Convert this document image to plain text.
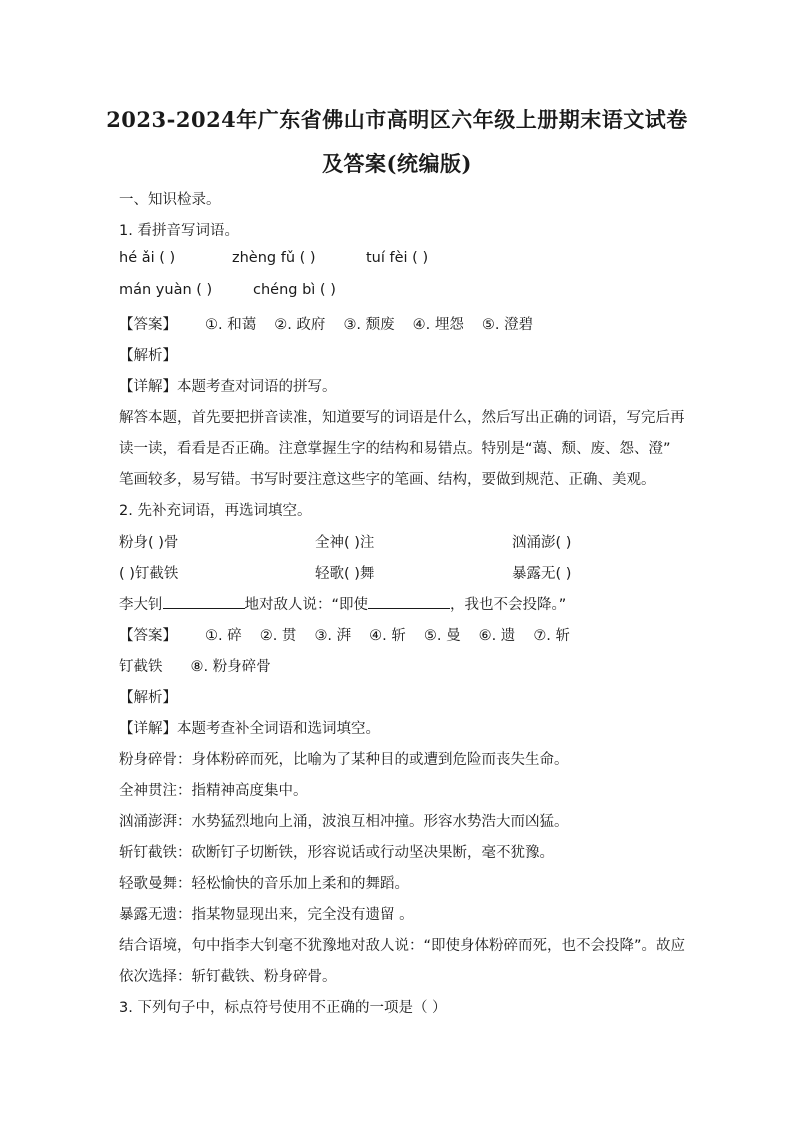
2023-2024年广东省佛山市高明区六年级上册期末语文试卷
及答案(统编版)
一、知识检录。
1. 看拼音写词语。
hé ǎi ( )	zhèng fǔ ( )	tuí fèi ( )
mán yuàn ( )	chéng bì ( )
【答案】 ①. 和蔼 ②. 政府 ③. 颓废 ④. 埋怨 ⑤. 澄碧
【解析】
【详解】本题考查对词语的拼写。
解答本题，首先要把拼音读准，知道要写的词语是什么，然后写出正确的词语，写完后再
读一读，看看是否正确。注意掌握生字的结构和易错点。特别是“蔼、颓、废、怨、澄”
笔画较多，易写错。书写时要注意这些字的笔画、结构，要做到规范、正确、美观。
2. 先补充词语，再选词填空。
粉身( )骨	全神( )注	汹涌澎( )
( )钉截铁	轻歌( )舞	暴露无( )
李大钊	地对敌人说：“即使	，我也不会投降。”
【答案】 ①. 碎 ②. 贯 ③. 湃 ④. 斩 ⑤. 曼 ⑥. 遗 ⑦. 斩
钉截铁 ⑧. 粉身碎骨
【解析】
【详解】本题考查补全词语和选词填空。
粉身碎骨：身体粉碎而死，比喻为了某种目的或遭到危险而丧失生命。
全神贯注：指精神高度集中。
汹涌澎湃：水势猛烈地向上涌，波浪互相冲撞。形容水势浩大而凶猛。
斩钉截铁：砍断钉子切断铁，形容说话或行动坚决果断，毫不犹豫。
轻歌曼舞：轻松愉快的音乐加上柔和的舞蹈。
暴露无遗：指某物显现出来，完全没有遗留 。
结合语境，句中指李大钊毫不犹豫地对敌人说：“即使身体粉碎而死，也不会投降”。故应
依次选择：斩钉截铁、粉身碎骨。
3. 下列句子中，标点符号使用不正确的一项是（ ）
